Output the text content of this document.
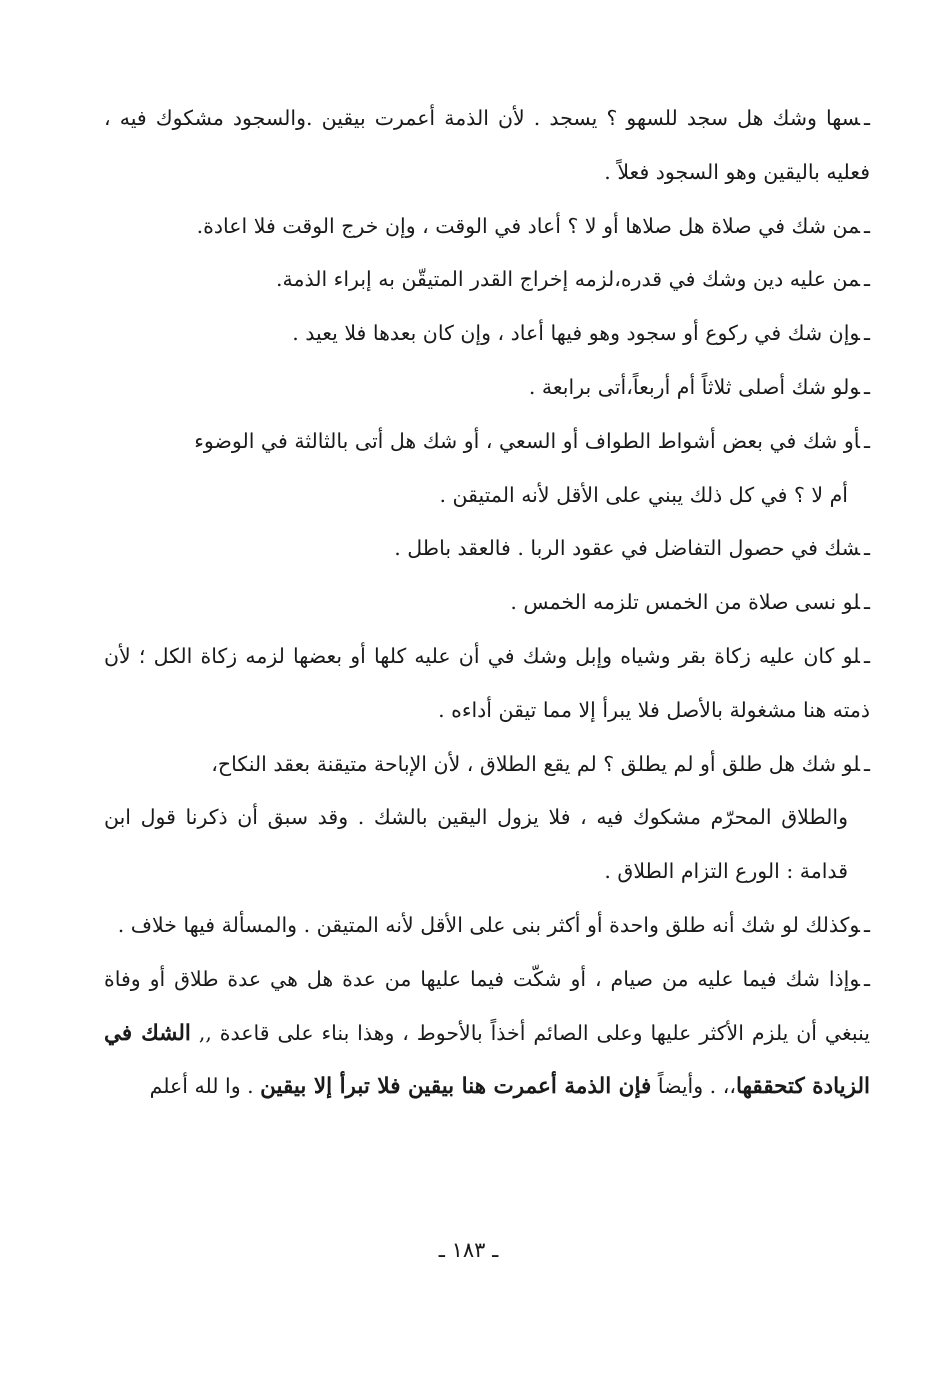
ـسها وشك هل سجد للسهو ؟ يسجد . لأن الذمة أعمرت بيقين .والسجود مشكوك فيه ، فعليه باليقين وهو السجود فعلاً .

ـمن شك في صلاة هل صلاها أو لا ؟ أعاد في الوقت ، وإن خرج الوقت فلا اعادة.

ـمن عليه دين وشك في قدره،لزمه إخراج القدر المتيقّن به إبراء الذمة.

ـوإن شك في ركوع أو سجود وهو فيها أعاد ، وإن كان بعدها فلا يعيد .

ـولو شك أصلى ثلاثاً أم أربعاً،أتى برابعة .

ـأو شك في بعض أشواط الطواف أو السعي ، أو شك هل أتى بالثالثة في الوضوء

أم لا ؟ في كل ذلك يبني على الأقل لأنه المتيقن .

ـشك في حصول التفاضل في عقود الربا . فالعقد باطل .

ـلو نسى صلاة من الخمس تلزمه الخمس .

ـلو كان عليه زكاة بقر وشياه وإبل وشك في أن عليه كلها أو بعضها لزمه زكاة الكل ؛ لأن ذمته هنا مشغولة بالأصل فلا يبرأ إلا مما تيقن أداءه .

ـلو شك هل طلق أو لم يطلق ؟ لم يقع الطلاق ، لأن الإباحة متيقنة بعقد النكاح،

والطلاق المحرّم مشكوك فيه ، فلا يزول اليقين بالشك . وقد سبق أن ذكرنا قول ابن قدامة : الورع التزام الطلاق .

ـوكذلك لو شك أنه طلق واحدة أو أكثر بنى على الأقل لأنه المتيقن . والمسألة فيها خلاف .

ـوإذا شك فيما عليه من صيام ، أو شكّت فيما عليها من عدة هل هي عدة طلاق أو وفاة ينبغي أن يلزم الأكثر عليها وعلى الصائم أخذاً بالأحوط ، وهذا بناء على قاعدة ,, الشك في الزيادة كتحققها،، . وأيضاً فإن الذمة أعمرت هنا بيقين فلا تبرأ إلا بيقين . وا لله أعلم

ـ ١٨٣ ـ
